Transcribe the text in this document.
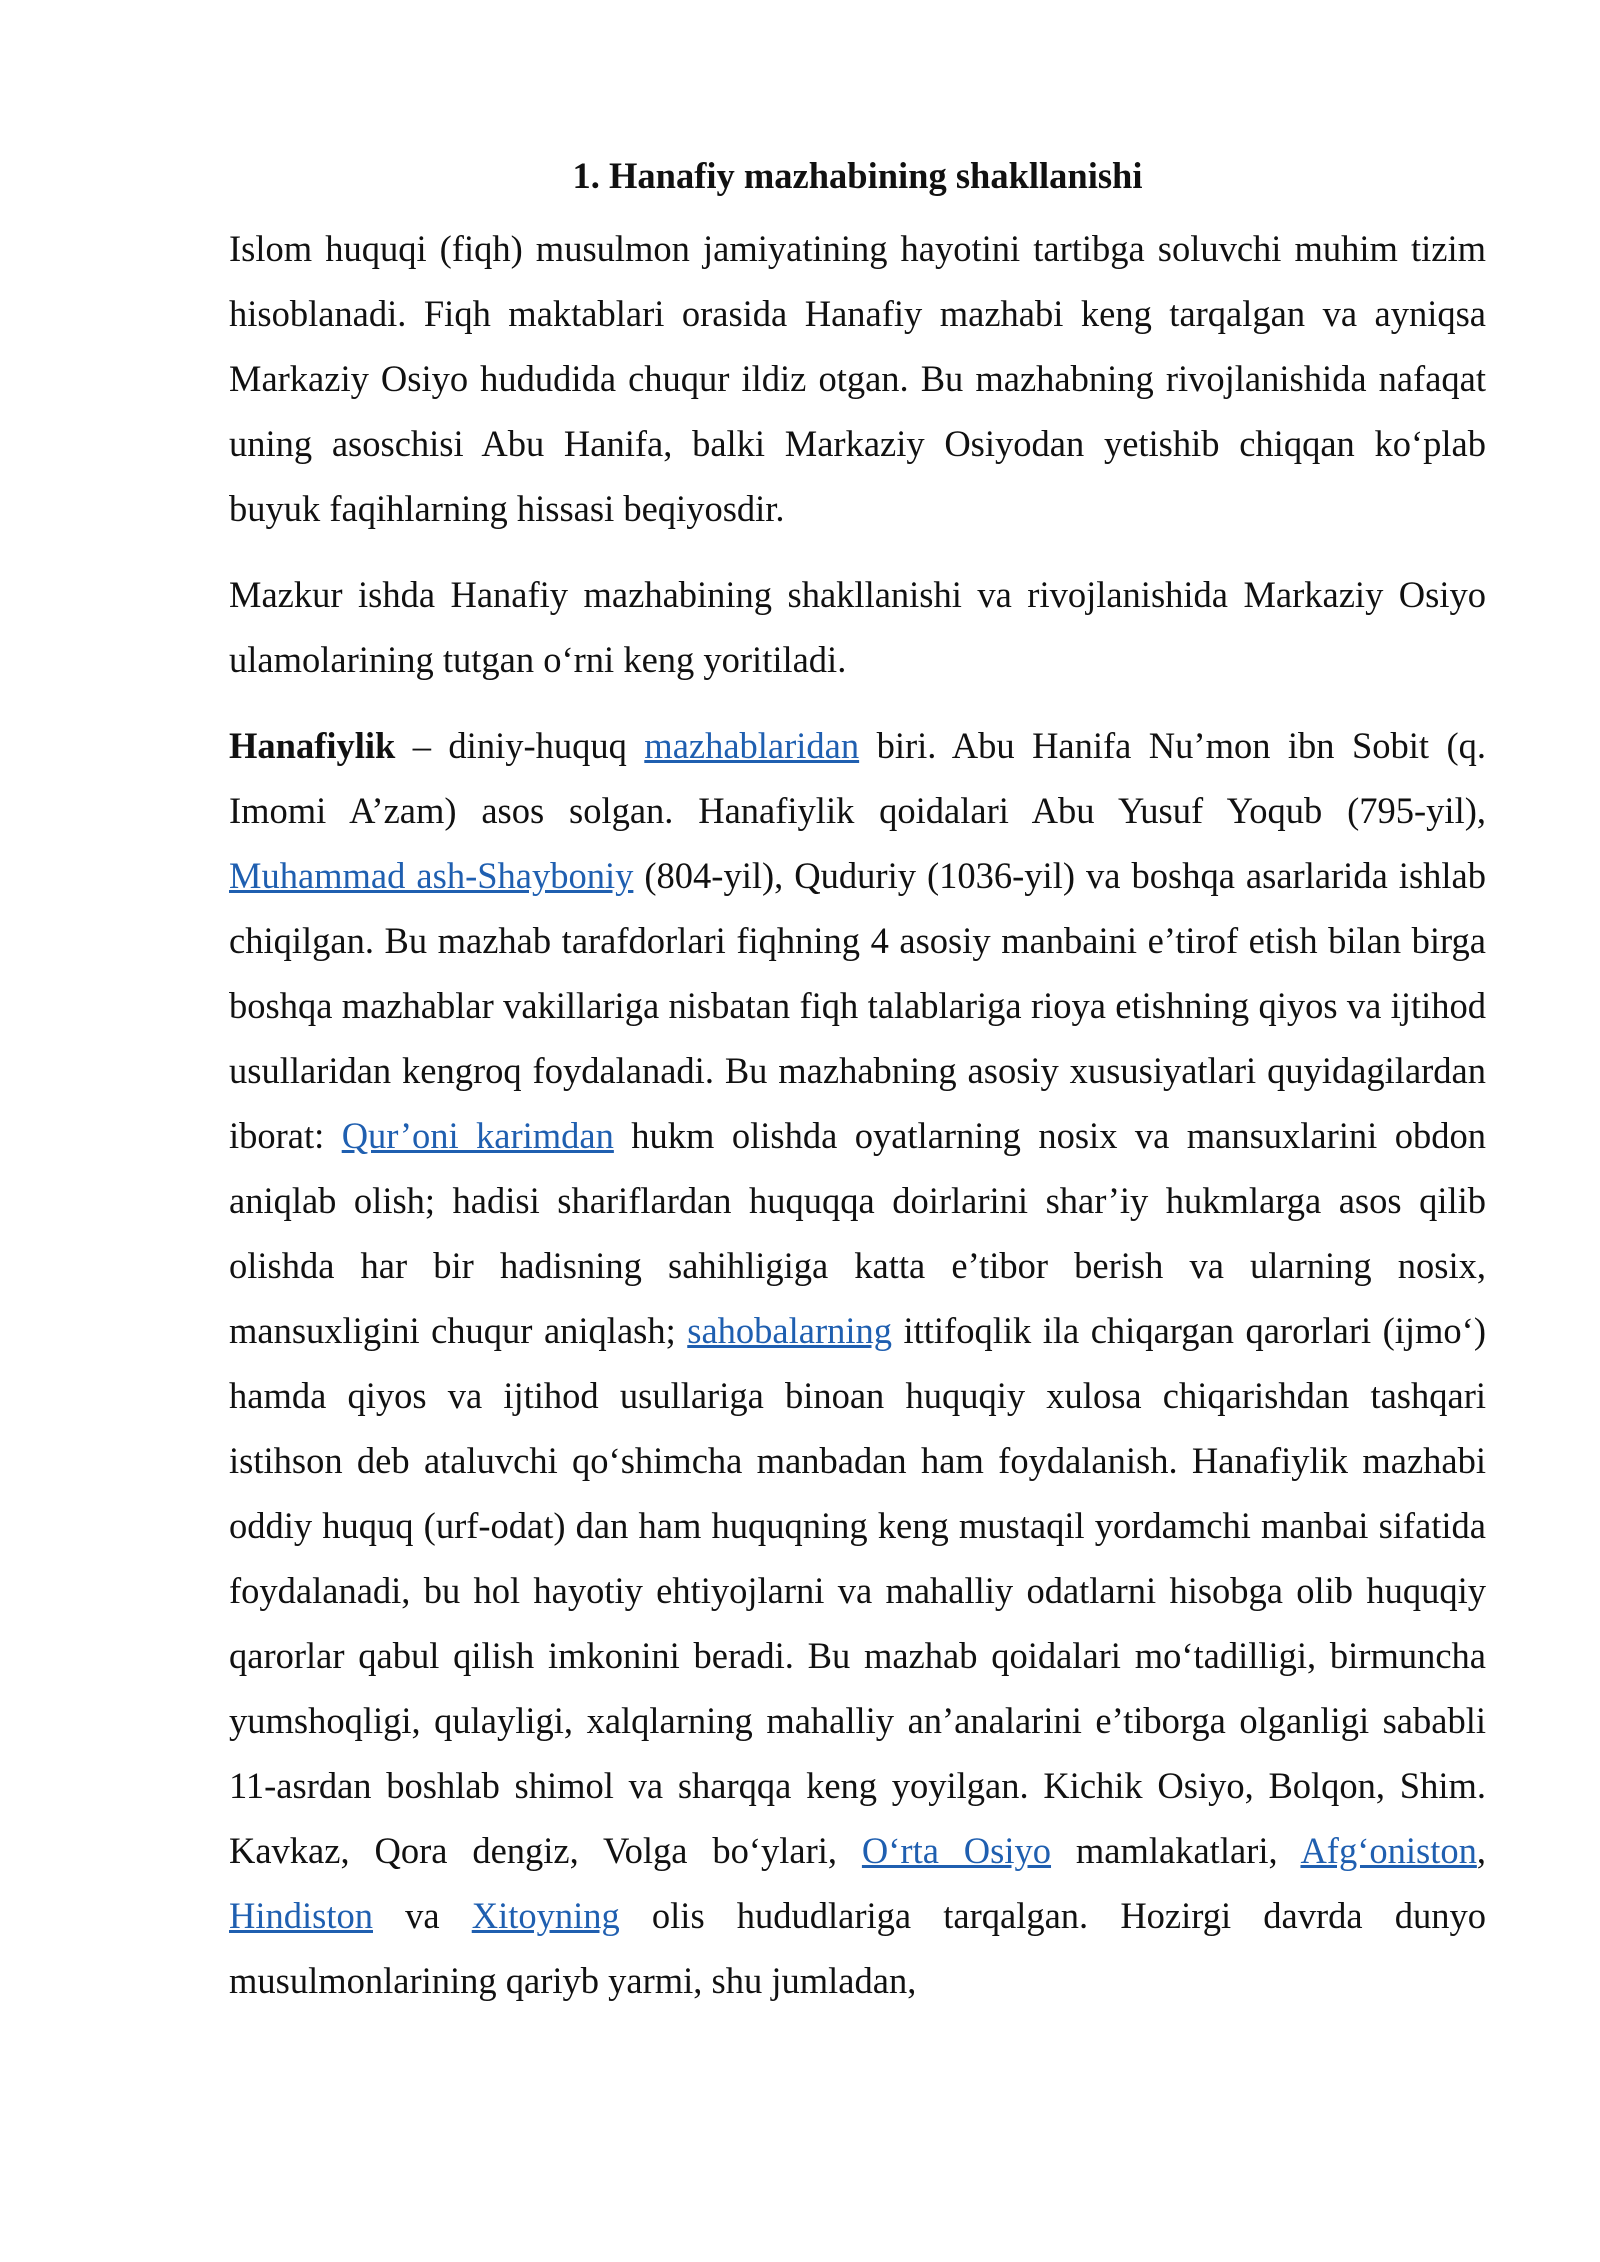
1. Hanafiy mazhabining shakllanishi

Islom huquqi (fiqh) musulmon jamiyatining hayotini tartibga soluvchi muhim tizim hisoblanadi. Fiqh maktablari orasida Hanafiy mazhabi keng tarqalgan va ayniqsa Markaziy Osiyo hududida chuqur ildiz otgan. Bu mazhabning rivojlanishida nafaqat uning asoschisi Abu Hanifa, balki Markaziy Osiyodan yetishib chiqqan koʻplab buyuk faqihlarning hissasi beqiyosdir.

Mazkur ishda Hanafiy mazhabining shakllanishi va rivojlanishida Markaziy Osiyo ulamolarining tutgan oʻrni keng yoritiladi.

Hanafiylik – diniy-huquq mazhablaridan biri. Abu Hanifa Nu’mon ibn Sobit (q. Imomi A’zam) asos solgan. Hanafiylik qoidalari Abu Yusuf Yoqub (795-yil), Muhammad ash-Shayboniy (804-yil), Quduriy (1036-yil) va boshqa asarlarida ishlab chiqilgan. Bu mazhab tarafdorlari fiqhning 4 asosiy manbaini e’tirof etish bilan birga boshqa mazhablar vakillariga nisbatan fiqh talablariga rioya etishning qiyos va ijtihod usullaridan kengroq foydalanadi. Bu mazhabning asosiy xususiyatlari quyidagilardan iborat: Qur’oni karimdan hukm olishda oyatlarning nosix va mansuxlarini obdon aniqlab olish; hadisi shariflardan huquqqa doirlarini shar’iy hukmlarga asos qilib olishda har bir hadisning sahihligiga katta e’tibor berish va ularning nosix, mansuxligini chuqur aniqlash; sahobalarning ittifoqlik ila chiqargan qarorlari (ijmoʻ) hamda qiyos va ijtihod usullariga binoan huquqiy xulosa chiqarishdan tashqari istihson deb ataluvchi qoʻshimcha manbadan ham foydalanish. Hanafiylik mazhabi oddiy huquq (urf-odat) dan ham huquqning keng mustaqil yordamchi manbai sifatida foydalanadi, bu hol hayotiy ehtiyojlarni va mahalliy odatlarni hisobga olib huquqiy qarorlar qabul qilish imkonini beradi. Bu mazhab qoidalari moʻtadilligi, birmuncha yumshoqligi, qulayligi, xalqlarning mahalliy an’analarini e’tiborga olganligi sababli 11-asrdan boshlab shimol va sharqqa keng yoyilgan. Kichik Osiyo, Bolqon, Shim. Kavkaz, Qora dengiz, Volga boʻylari, Oʻrta Osiyo mamlakatlari, Afgʻoniston, Hindiston va Xitoyning olis hududlariga tarqalgan. Hozirgi davrda dunyo musulmonlarining qariyb yarmi, shu jumladan,
